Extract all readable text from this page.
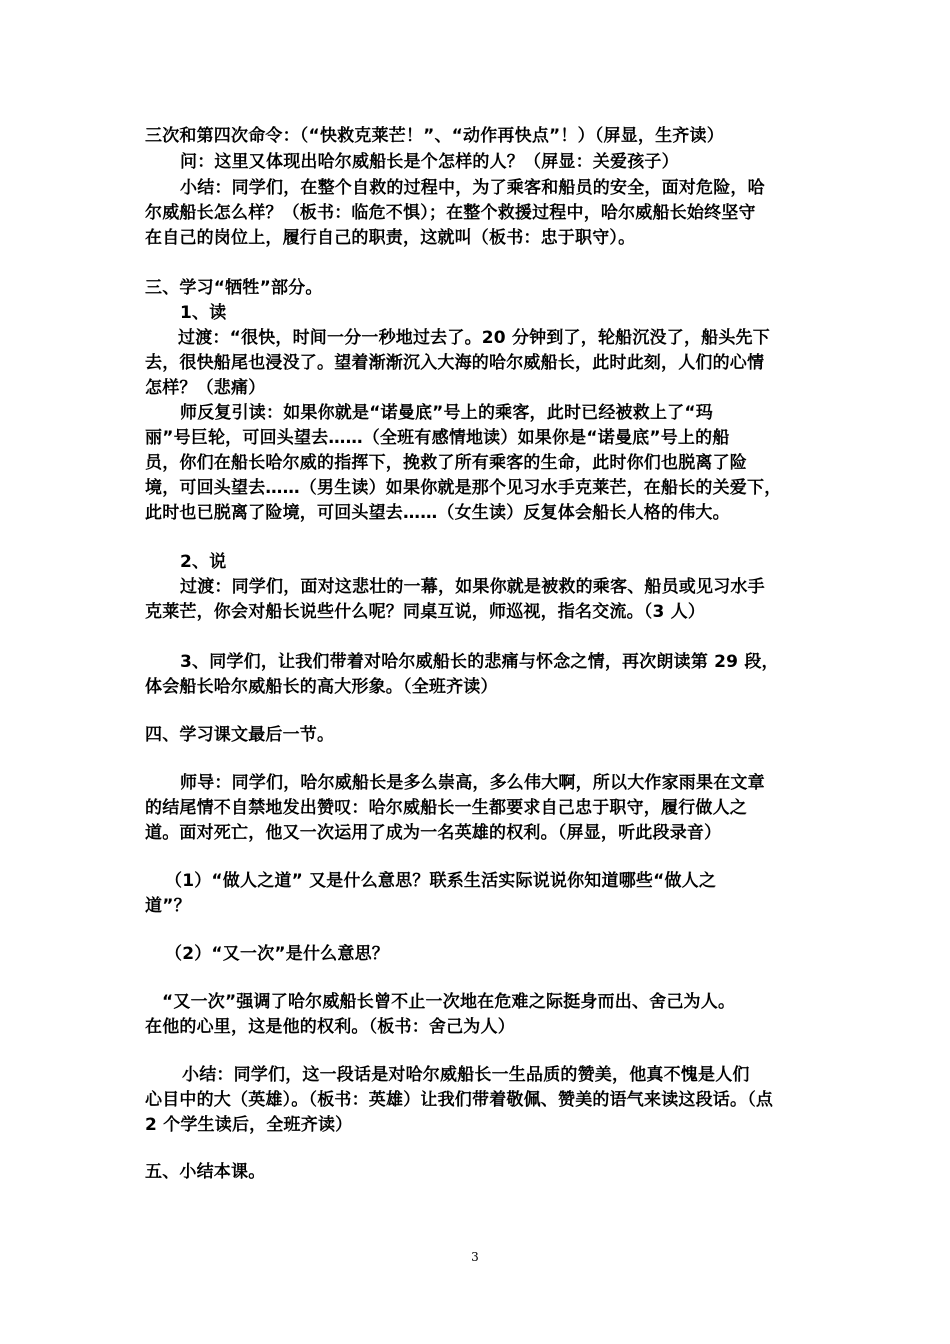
三次和第四次命令：（“快救克莱芒！”、“动作再快点”！）（屏显，生齐读）
问：这里又体现出哈尔威船长是个怎样的人？（屏显：关爱孩子）
小结：同学们，在整个自救的过程中，为了乘客和船员的安全，面对危险，哈
尔威船长怎么样？（板书：临危不惧）；在整个救援过程中，哈尔威船长始终坚守
在自己的岗位上，履行自己的职责，这就叫（板书：忠于职守）。
三、学习“牺牲”部分。
1、读
过渡：“很快，时间一分一秒地过去了。20 分钟到了，轮船沉没了，船头先下
去，很快船尾也浸没了。望着渐渐沉入大海的哈尔威船长，此时此刻，人们的心情
怎样？（悲痛）
师反复引读：如果你就是“诺曼底”号上的乘客，此时已经被救上了“玛
丽”号巨轮，可回头望去……（全班有感情地读）如果你是“诺曼底”号上的船
员，你们在船长哈尔威的指挥下，挽救了所有乘客的生命，此时你们也脱离了险
境，可回头望去……（男生读）如果你就是那个见习水手克莱芒，在船长的关爱下，
此时也已脱离了险境，可回头望去……（女生读）反复体会船长人格的伟大。
2、说
过渡：同学们，面对这悲壮的一幕，如果你就是被救的乘客、船员或见习水手
克莱芒，你会对船长说些什么呢？同桌互说，师巡视，指名交流。（3 人）
3、同学们，让我们带着对哈尔威船长的悲痛与怀念之情，再次朗读第 29 段，
体会船长哈尔威船长的高大形象。（全班齐读）
四、学习课文最后一节。
师导：同学们，哈尔威船长是多么崇高，多么伟大啊，所以大作家雨果在文章
的结尾情不自禁地发出赞叹：哈尔威船长一生都要求自己忠于职守，履行做人之
道。面对死亡，他又一次运用了成为一名英雄的权利。（屏显，听此段录音）
（1）“做人之道” 又是什么意思？联系生活实际说说你知道哪些“做人之
道”？
（2）“又一次”是什么意思？
“又一次”强调了哈尔威船长曾不止一次地在危难之际挺身而出、舍己为人。
在他的心里，这是他的权利。（板书：舍己为人）
小结：同学们，这一段话是对哈尔威船长一生品质的赞美，他真不愧是人们
心目中的大（英雄）。（板书：英雄）让我们带着敬佩、赞美的语气来读这段话。（点
2 个学生读后，全班齐读）
五、小结本课。
3
